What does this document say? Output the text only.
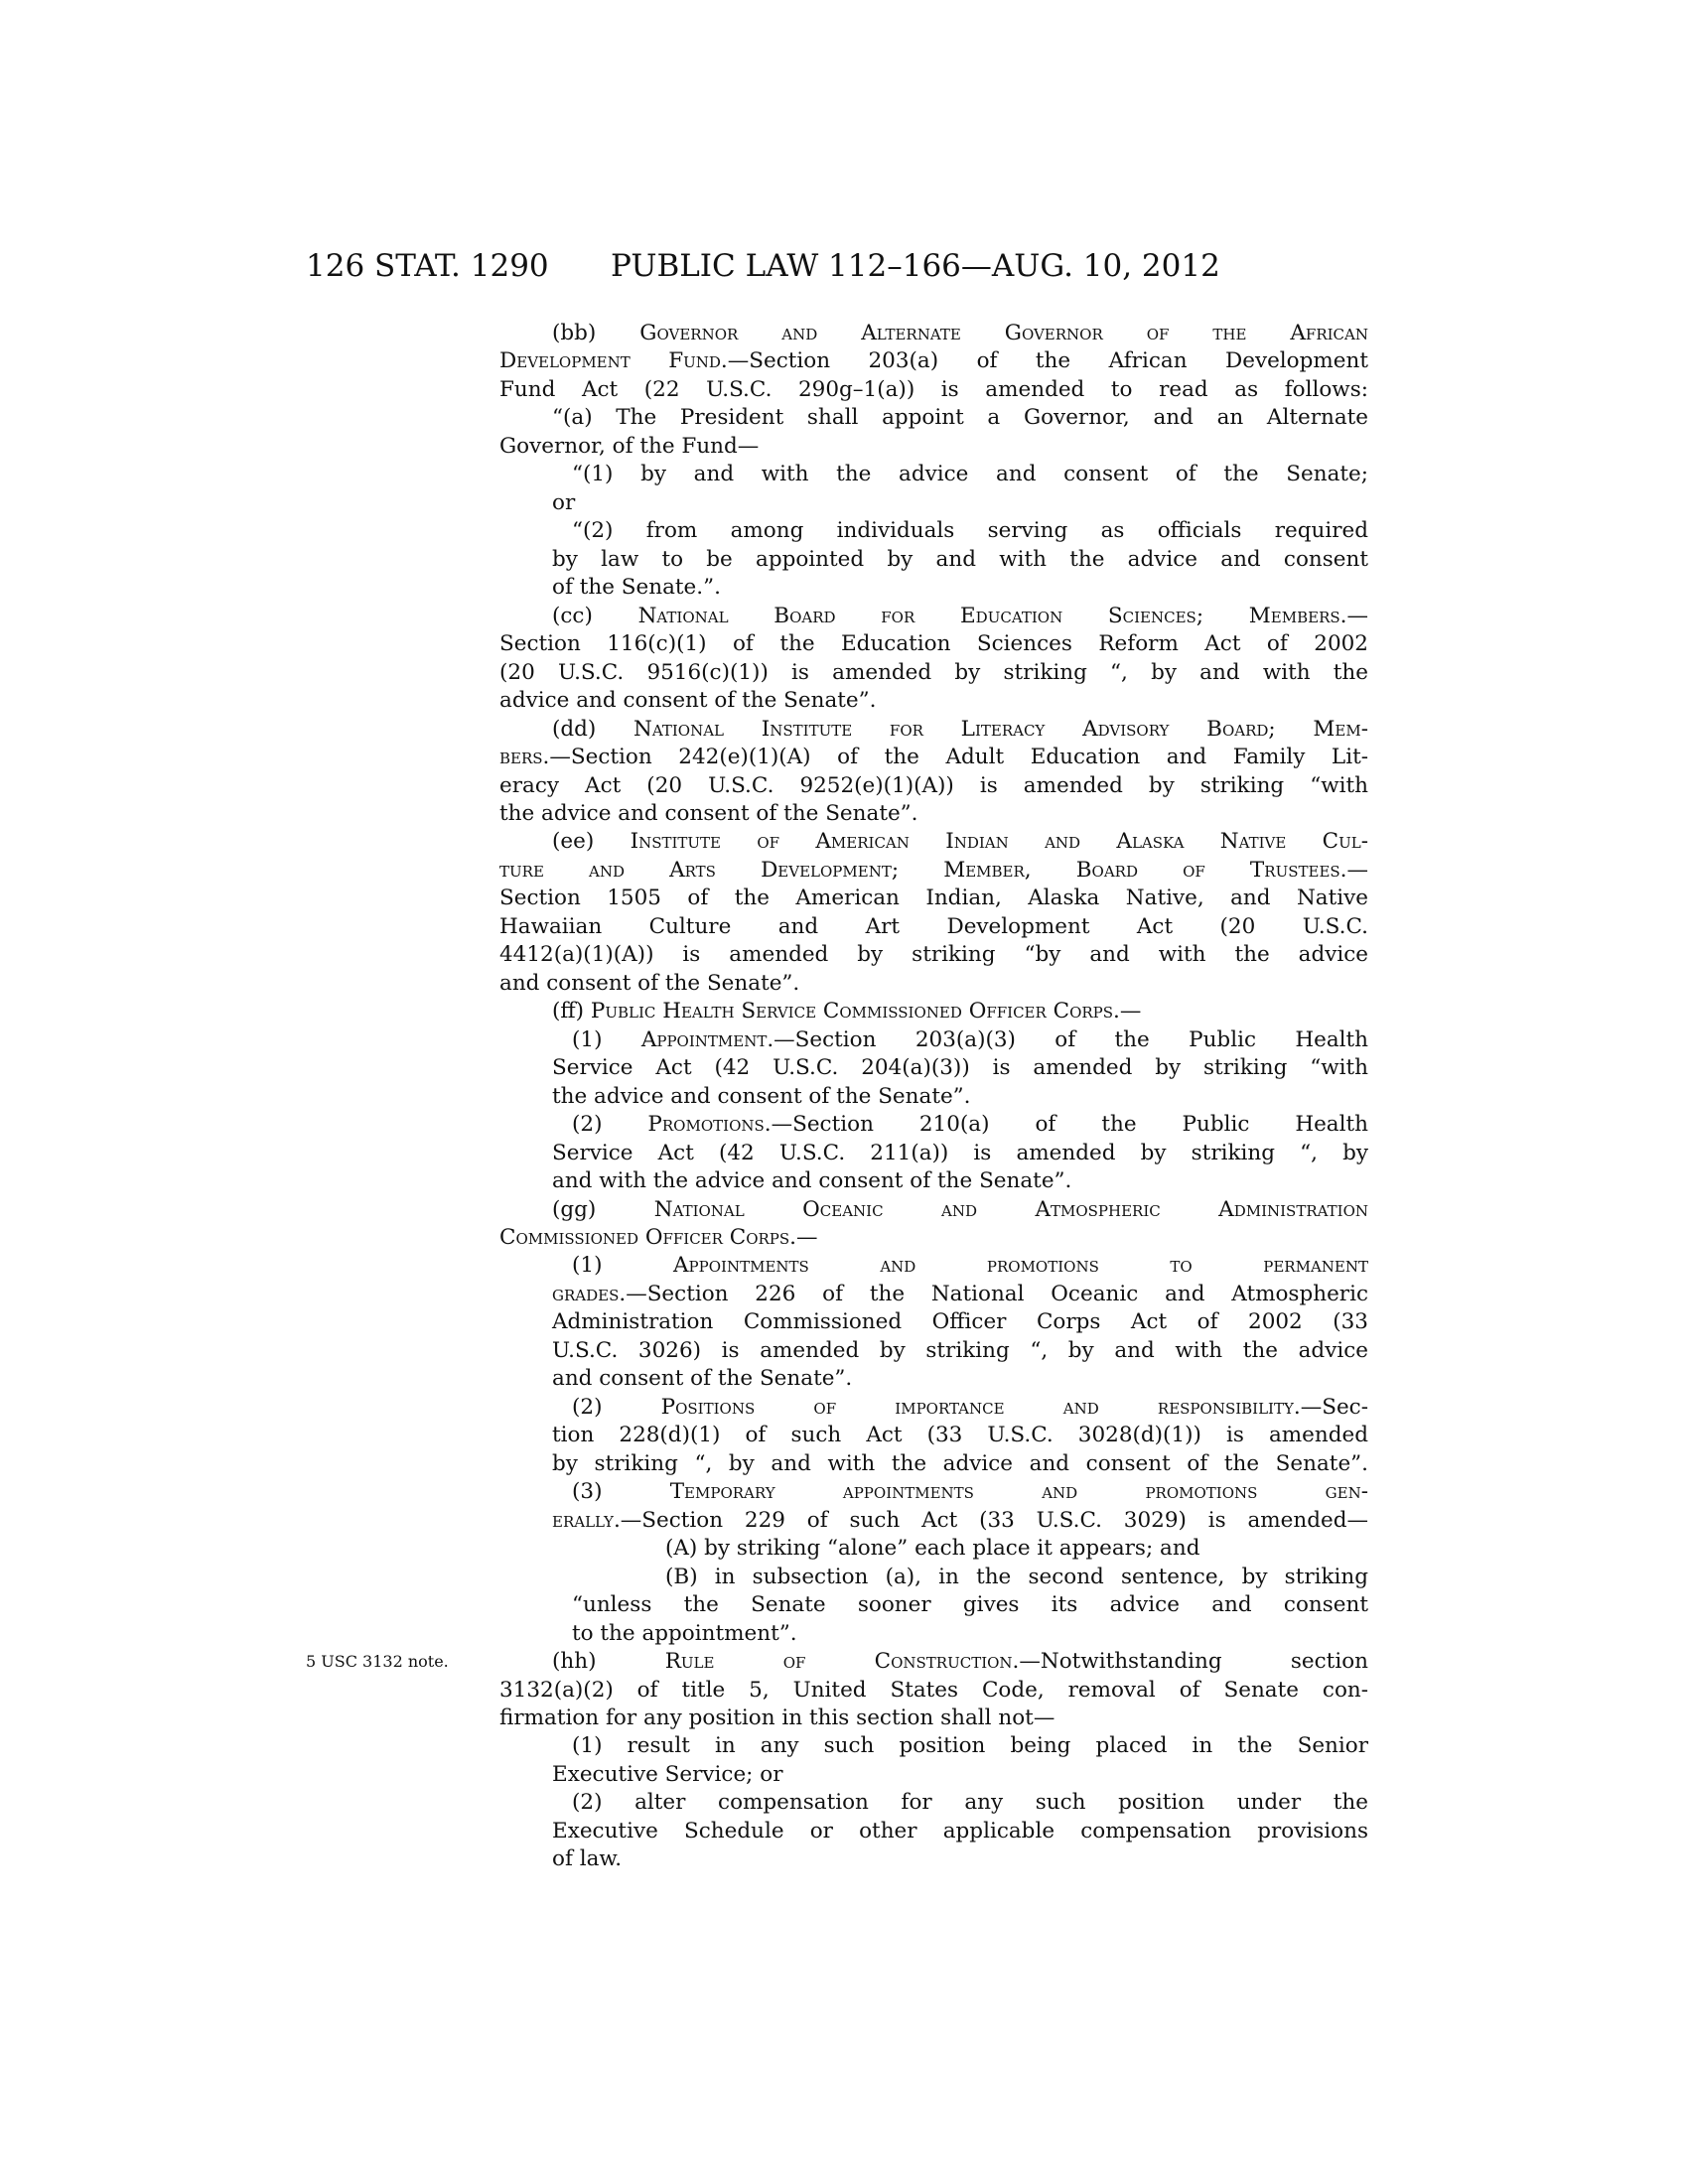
126 STAT. 1290 PUBLIC LAW 112–166—AUG. 10, 2012
(bb) Governor and Alternate Governor of the African
Development Fund.—Section 203(a) of the African Development
Fund Act (22 U.S.C. 290g–1(a)) is amended to read as follows:
“(a) The President shall appoint a Governor, and an Alternate
Governor, of the Fund—
“(1) by and with the advice and consent of the Senate;
or
“(2) from among individuals serving as officials required
by law to be appointed by and with the advice and consent
of the Senate.”.
(cc) National Board for Education Sciences; Members.—
Section 116(c)(1) of the Education Sciences Reform Act of 2002
(20 U.S.C. 9516(c)(1)) is amended by striking “, by and with the
advice and consent of the Senate”.
(dd) National Institute for Literacy Advisory Board; Mem-
bers.—Section 242(e)(1)(A) of the Adult Education and Family Lit-
eracy Act (20 U.S.C. 9252(e)(1)(A)) is amended by striking “with
the advice and consent of the Senate”.
(ee) Institute of American Indian and Alaska Native Cul-
ture and Arts Development; Member, Board of Trustees.—
Section 1505 of the American Indian, Alaska Native, and Native
Hawaiian Culture and Art Development Act (20 U.S.C.
4412(a)(1)(A)) is amended by striking “by and with the advice
and consent of the Senate”.
(ff) Public Health Service Commissioned Officer Corps.—
(1) Appointment.—Section 203(a)(3) of the Public Health
Service Act (42 U.S.C. 204(a)(3)) is amended by striking “with
the advice and consent of the Senate”.
(2) Promotions.—Section 210(a) of the Public Health
Service Act (42 U.S.C. 211(a)) is amended by striking “, by
and with the advice and consent of the Senate”.
(gg) National Oceanic and Atmospheric Administration
Commissioned Officer Corps.—
(1) Appointments and promotions to permanent
grades.—Section 226 of the National Oceanic and Atmospheric
Administration Commissioned Officer Corps Act of 2002 (33
U.S.C. 3026) is amended by striking “, by and with the advice
and consent of the Senate”.
(2) Positions of importance and responsibility.—Sec-
tion 228(d)(1) of such Act (33 U.S.C. 3028(d)(1)) is amended
by striking “, by and with the advice and consent of the Senate”.
(3) Temporary appointments and promotions gen-
erally.—Section 229 of such Act (33 U.S.C. 3029) is amended—
(A) by striking “alone” each place it appears; and
(B) in subsection (a), in the second sentence, by striking
“unless the Senate sooner gives its advice and consent
to the appointment”.
(hh) Rule of Construction.—Notwithstanding section
3132(a)(2) of title 5, United States Code, removal of Senate con-
firmation for any position in this section shall not—
(1) result in any such position being placed in the Senior
Executive Service; or
(2) alter compensation for any such position under the
Executive Schedule or other applicable compensation provisions
of law.
5 USC 3132 note.
